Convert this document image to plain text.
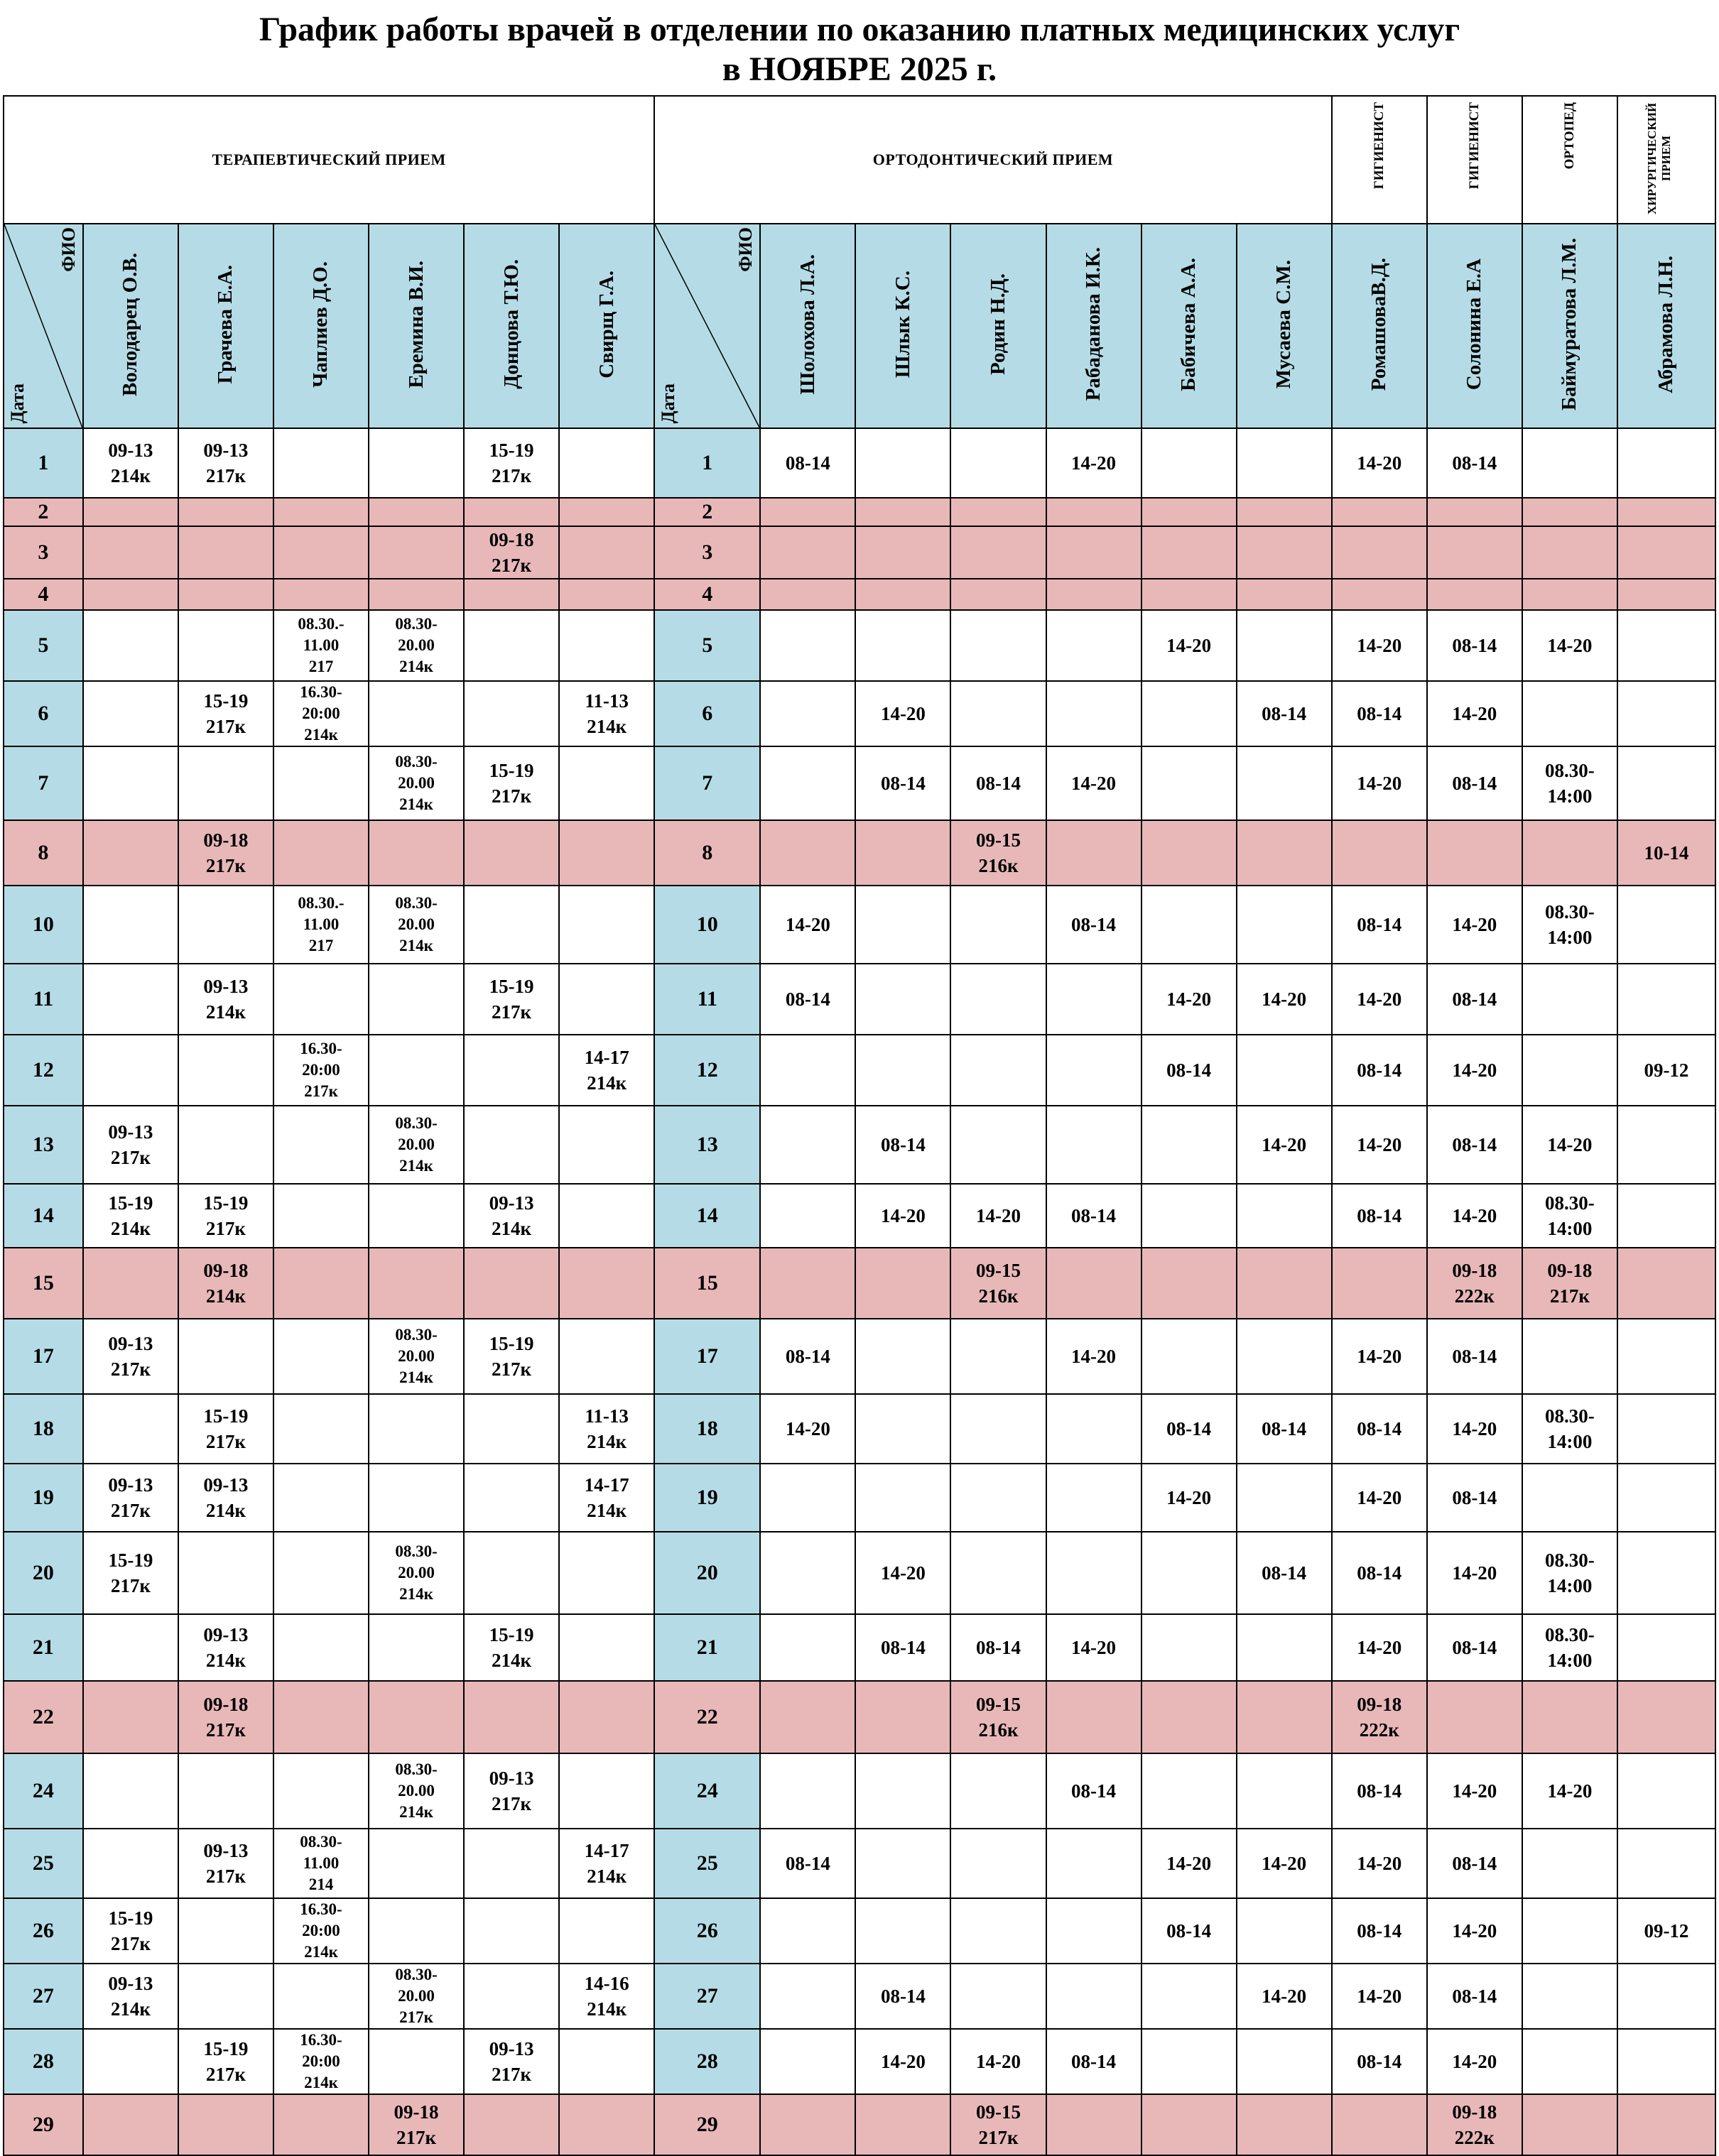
График работы врачей в отделении по оказанию платных медицинских услуг
в НОЯБРЕ 2025 г.
ТЕРАПЕВТИЧЕСКИЙ ПРИЕМ							ОРТОДОНТИЧЕСКИЙ ПРИЕМ							ГИГИЕНИСТ	ГИГИЕНИСТ	ОРТОПЕД	ХИРУРГИЧЕСКИЙ ПРИЕМ

ФИО
Дата	Володарец О.В.	Грачева Е.А.	Чаплиев Д.О.	Еремина В.И.	Донцова Т.Ю.	Свирщ Г.А.	ФИО
Дата	Шолохова Л.А.	Шлык К.С.	Родин Н.Д.	Рабаданова И.К.	Бабичева А.А.	Мусаева С.М.	РомашоваВ.Д.	Солонина Е.А	Баймуратова Л.М.	Абрамова Л.Н.
1	09-13
214к	09-13
217к			15-19
217к		1	08-14			14-20			14-20	08-14		

2							2										
3					09-18
217к		3										
4							4										
5			08.30.-
11.00
217	08.30-
20.00
214к			5					14-20		14-20	08-14	14-20	

6		15-19
217к	16.30-
20:00
214к			11-13
214к	6		14-20				08-14	08-14	14-20		

7				08.30-
20.00
214к	15-19
217к		7		08-14	08-14	14-20			14-20	08-14	08.30-
14:00	

8		09-18
217к					8			09-15
216к							10-14

10			08.30.-
11.00
217	08.30-
20.00
214к			10	14-20			08-14			08-14	14-20	08.30-
14:00	

11		09-13
214к			15-19
217к		11	08-14				14-20	14-20	14-20	08-14		

12			16.30-
20:00
217к			14-17
214к	12					08-14		08-14	14-20		09-12

13	09-13
217к			08.30-
20.00
214к			13		08-14				14-20	14-20	08-14	14-20	

14	15-19
214к	15-19
217к			09-13
214к		14		14-20	14-20	08-14			08-14	14-20	08.30-
14:00	

15		09-18
214к					15			09-15
216к					09-18
222к	09-18
217к	

17	09-13
217к			08.30-
20.00
214к	15-19
217к		17	08-14			14-20			14-20	08-14		

18		15-19
217к				11-13
214к	18	14-20				08-14	08-14	08-14	14-20	08.30-
14:00	

19	09-13
217к	09-13
214к				14-17
214к	19					14-20		14-20	08-14		

20	15-19
217к			08.30-
20.00
214к			20		14-20				08-14	08-14	14-20	08.30-
14:00	

21		09-13
214к			15-19
214к		21		08-14	08-14	14-20			14-20	08-14	08.30-
14:00	

22		09-18
217к					22			09-15
216к				09-18
222к			

24				08.30-
20.00
214к	09-13
217к		24				08-14			08-14	14-20	14-20	

25		09-13
217к	08.30-
11.00
214			14-17
214к	25	08-14				14-20	14-20	14-20	08-14		

26	15-19
217к		16.30-
20:00
214к				26					08-14		08-14	14-20		09-12

27	09-13
214к			08.30-
20.00
217к		14-16
214к	27		08-14				14-20	14-20	08-14		

28		15-19
217к	16.30-
20:00
214к		09-13
217к		28		14-20	14-20	08-14			08-14	14-20		

29				09-18
217к			29			09-15
217к					09-18
222к		
